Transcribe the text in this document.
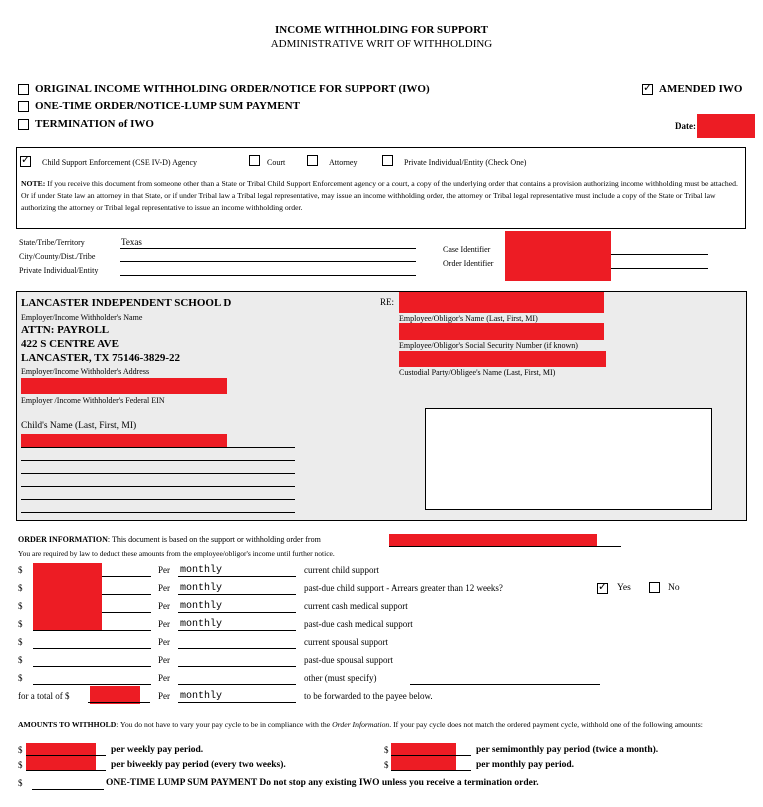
INCOME WITHHOLDING FOR SUPPORT
ADMINISTRATIVE WRIT OF WITHHOLDING
ORIGINAL INCOME WITHHOLDING ORDER/NOTICE FOR SUPPORT (IWO)
ONE-TIME ORDER/NOTICE-LUMP SUM PAYMENT
TERMINATION of IWO
✓
AMENDED IWO
Date:
✓
Child Support Enforcement (CSE IV-D) Agency	Court	Attorney	Private Individual/Entity (Check One)
NOTE: If you receive this document from someone other than a State or Tribal Child Support Enforcement agency or a court, a copy of the underlying order that contains a provision authorizing income withholding must be attached. Or if under State law an attorney in that State, or if under Tribal law a Tribal legal representative, may issue an income withholding order, the attorney or Tribal legal representative must include a copy of the State or Tribal law authorizing the attorney or Tribal legal representative to issue an income withholding order.
State/Tribe/Territory	Texas
City/County/Dist./Tribe
Private Individual/Entity
Case Identifier
Order Identifier
LANCASTER INDEPENDENT SCHOOL D
Employer/Income Withholder's Name
ATTN: PAYROLL
422 S CENTRE AVE
LANCASTER, TX 75146-3829-22
Employer/Income Withholder's Address
Employer /Income Withholder's Federal EIN
Child's Name (Last, First, MI)
RE:
Employee/Obligor's Name (Last, First, MI)
Employee/Obligor's Social Security Number (if known)
Custodial Party/Obligee's Name (Last, First, MI)
ORDER INFORMATION: This document is based on the support or withholding order from
You are required by law to deduct these amounts from the employee/obligor's income until further notice.
$	Per monthly	current child support
$	Per monthly	past-due child support - Arrears greater than 12 weeks?
$	Per monthly	current cash medical support
$	Per monthly	past-due cash medical support
$	Per	current spousal support
$	Per	past-due spousal support
$	Per	other (must specify)
✓
Yes	No
for a total of $	Per monthly	to be forwarded to the payee below.
AMOUNTS TO WITHHOLD: You do not have to vary your pay cycle to be in compliance with the Order Information. If your pay cycle does not match the ordered payment cycle, withhold one of the following amounts:
$	per weekly pay period.
$	per biweekly pay period (every two weeks).
$	per semimonthly pay period (twice a month).
$	per monthly pay period.
$	ONE-TIME LUMP SUM PAYMENT Do not stop any existing IWO unless you receive a termination order.
